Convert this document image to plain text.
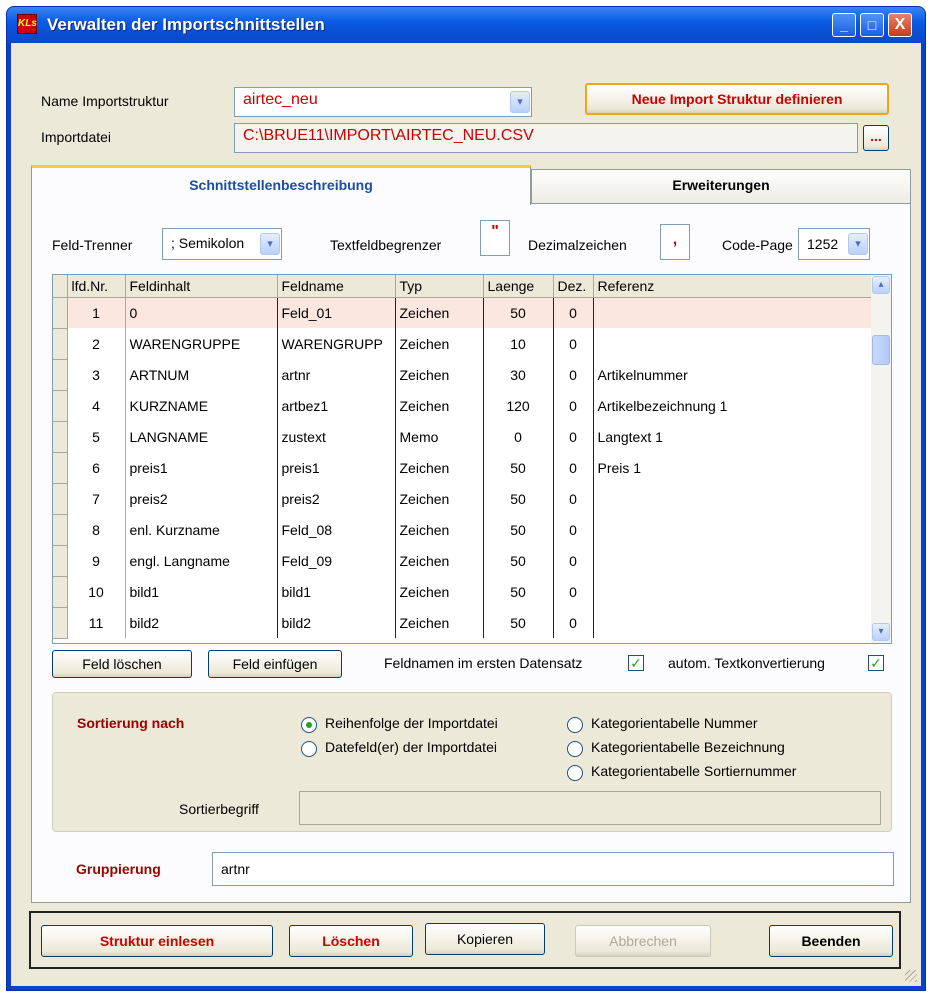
KLs Verwalten der Importschnittstellen	_	□	X
Name Importstruktur	airtec_neu	▾	Neue Import Struktur definieren
Importdatei	C:\BRUE11\IMPORT\AIRTEC_NEU.CSV	...
Schnittstellenbeschreibung	Erweiterungen
Feld-Trenner	; Semikolon	▾	Textfeldbegrenzer
"
Dezimalzeichen	,	Code-Page	1252	▾
	lfd.Nr.	Feldinhalt	Feldname	Typ	Laenge	Dez.	Referenz
	1	0	Feld_01	Zeichen	50	0	
	2	WARENGRUPPE	WARENGRUPP	Zeichen	10	0	
	3	ARTNUM	artnr	Zeichen	30	0	Artikelnummer
	4	KURZNAME	artbez1	Zeichen	120	0	Artikelbezeichnung 1
	5	LANGNAME	zustext	Memo	0	0	Langtext 1
	6	preis1	preis1	Zeichen	50	0	Preis 1
	7	preis2	preis2	Zeichen	50	0	
	8	enl. Kurzname	Feld_08	Zeichen	50	0	
	9	engl. Langname	Feld_09	Zeichen	50	0	
	10	bild1	bild1	Zeichen	50	0	
	11	bild2	bild2	Zeichen	50	0	
▴
▾
Feld löschen	Feld einfügen	Feldnamen im ersten Datensatz	✓ autom. Textkonvertierung	✓
Sortierung nach	Reihenfolge der Importdatei
Datefeld(er) der Importdatei
Kategorientabelle Nummer
Kategorientabelle Bezeichnung
Kategorientabelle Sortiernummer
Sortierbegriff
Gruppierung	artnr
Struktur einlesen	Löschen	Kopieren	Abbrechen	Beenden
